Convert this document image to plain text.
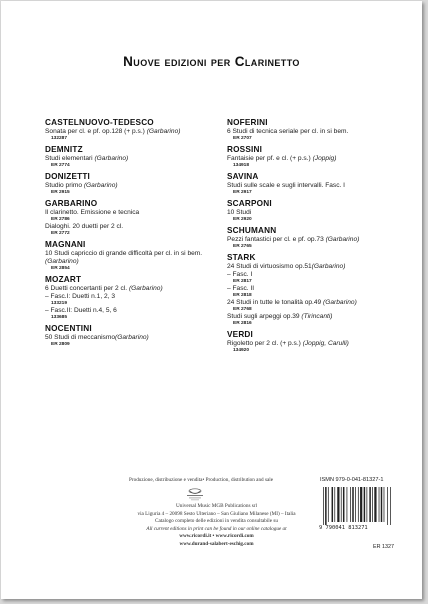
Nuove edizioni per Clarinetto
CASTELNUOVO-TEDESCO
Sonata per cl. e pf. op.128 (+ p.s.) (Garbarino)
132287
DEMNITZ
Studi elementari (Garbarino)
ER 2774
DONIZETTI
Studio primo (Garbarino)
ER 2915
GARBARINO
Il clarinetto. Emissione e tecnica
ER 2786
Dialoghi. 20 duetti per 2 cl.
ER 2772
MAGNANI
10 Studi capriccio di grande difficoltà per cl. in si bem.
(Garbarino)
ER 2854
MOZART
6 Duetti concertanti per 2 cl. (Garbarino)
– Fasc.I: Duetti n.1, 2, 3
133219
– Fasc.II: Duetti n.4, 5, 6
133685
NOCENTINI
50 Studi di meccanismo(Garbarino)
ER 2809
NOFERINI
6 Studi di tecnica seriale per cl. in si bem.
ER 2707
ROSSINI
Fantaisie per pf. e cl. (+ p.s.) (Joppig)
134918
SAVINA
Studi sulle scale e sugli intervalli. Fasc. I
ER 2917
SCARPONI
10 Studi
ER 2920
SCHUMANN
Pezzi fantastici per cl. e pf. op.73 (Garbarino)
ER 2765
STARK
24 Studi di virtuosismo op.51(Garbarino)
– Fasc. I
ER 2817
– Fasc. II
ER 2818
24 Studi in tutte le tonalità op.49 (Garbarino)
ER 2768
Studi sugli arpeggi op.39 (Tirincanti)
ER 2816
VERDI
Rigoletto per 2 cl. (+ p.s.) (Joppig, Carulli)
134920
Produzione, distribuzione e vendita• Production, distribution and sale
Universal Music MGB Publications srl
via Liguria 4 – 20098 Sesto Ulteriano – San Giuliano Milanese (MI) – Italia
Catalogo completo delle edizioni in vendita consultabile su
All current editions in print can be found in our online catalogue at
www.ricordi.it • www.ricordi.com
www.durand-salabert-eschig.com
ISMN 979-0-041-81327-1
9 790041 813271
ER 1327
